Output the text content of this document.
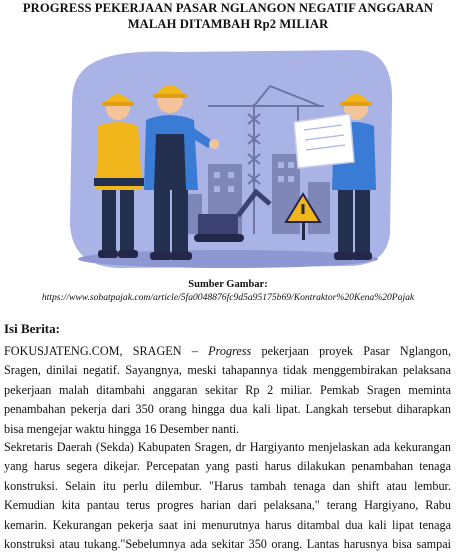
PROGRESS PEKERJAAN PASAR NGLANGON NEGATIF ANGGARAN
MALAH DITAMBAH Rp2 MILIAR
Sumber Gambar:
https://www.sobatpajak.com/article/5fa0048876fc9d5a95175b69/Kontraktor%20Kena%20Pajak
Isi Berita:
FOKUSJATENG.COM, SRAGEN – Progress pekerjaan proyek Pasar Nglangon,
Sragen, dinilai negatif. Sayangnya, meski tahapannya tidak menggembirakan pelaksana
pekerjaan malah ditambahi anggaran sekitar Rp 2 miliar. Pemkab Sragen meminta
penambahan pekerja dari 350 orang hingga dua kali lipat. Langkah tersebut diharapkan
bisa mengejar waktu hingga 16 Desember nanti.
Sekretaris Daerah (Sekda) Kabupaten Sragen, dr Hargiyanto menjelaskan ada kekurangan
yang harus segera dikejar. Percepatan yang pasti harus dilakukan penambahan tenaga
konstruksi. Selain itu perlu dilembur. "Harus tambah tenaga dan shift atau lembur.
Kemudian kita pantau terus progres harian dari pelaksana," terang Hargiyano, Rabu
kemarin. Kekurangan pekerja saat ini menurutnya harus ditambal dua kali lipat tenaga
konstruksi atau tukang."Sebelumnya ada sekitar 350 orang. Lantas harusnya bisa sampai
